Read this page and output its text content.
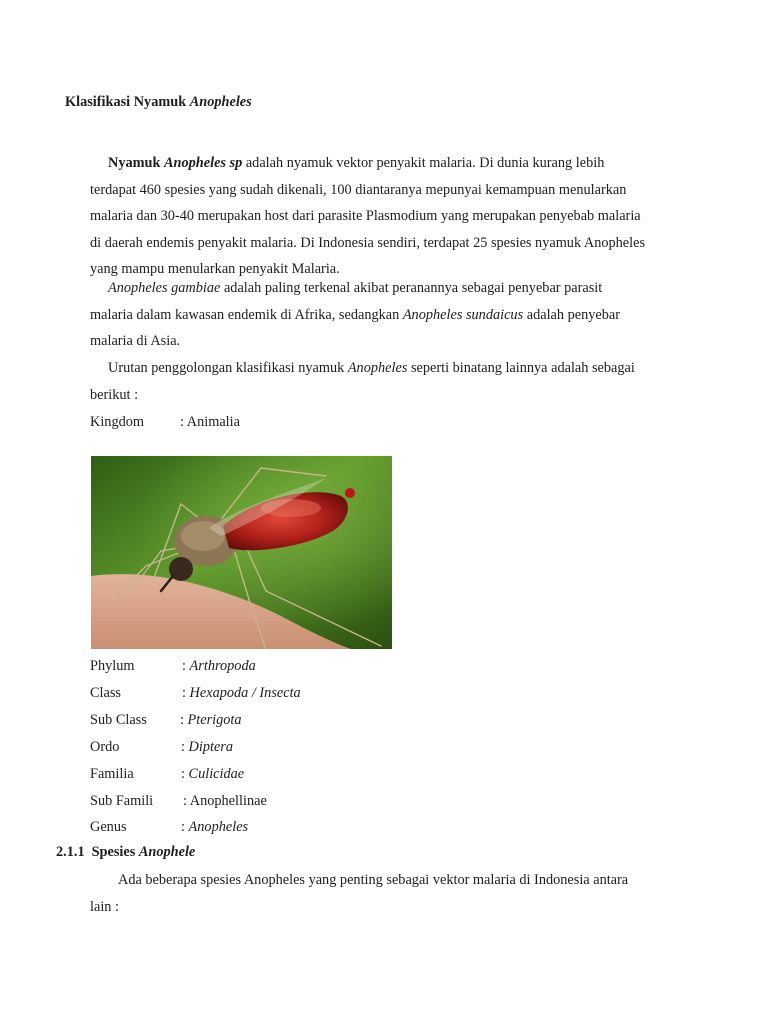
Klasifikasi Nyamuk Anopheles

Nyamuk Anopheles sp adalah nyamuk vektor penyakit malaria. Di dunia kurang lebih

terdapat 460 spesies yang sudah dikenali, 100 diantaranya mepunyai kemampuan menularkan

malaria dan 30-40 merupakan host dari parasite Plasmodium yang merupakan penyebab malaria

di daerah endemis penyakit malaria. Di Indonesia sendiri, terdapat 25 spesies nyamuk Anopheles

yang mampu menularkan penyakit Malaria.

Anopheles gambiae adalah paling terkenal akibat peranannya sebagai penyebar parasit

malaria dalam kawasan endemik di Afrika, sedangkan Anopheles sundaicus adalah penyebar

malaria di Asia.

Urutan penggolongan klasifikasi nyamuk Anopheles seperti binatang lainnya adalah sebagai

berikut :

Kingdom	: Animalia
Phylum	: Arthropoda
Class	: Hexapoda / Insecta
Sub Class : Pterigota
Ordo	: Diptera
Familia	: Culicidae
Sub Famili : Anophellinae
Genus	: Anopheles
2.1.1 Spesies Anophele

Ada beberapa spesies Anopheles yang penting sebagai vektor malaria di Indonesia antara

lain :
